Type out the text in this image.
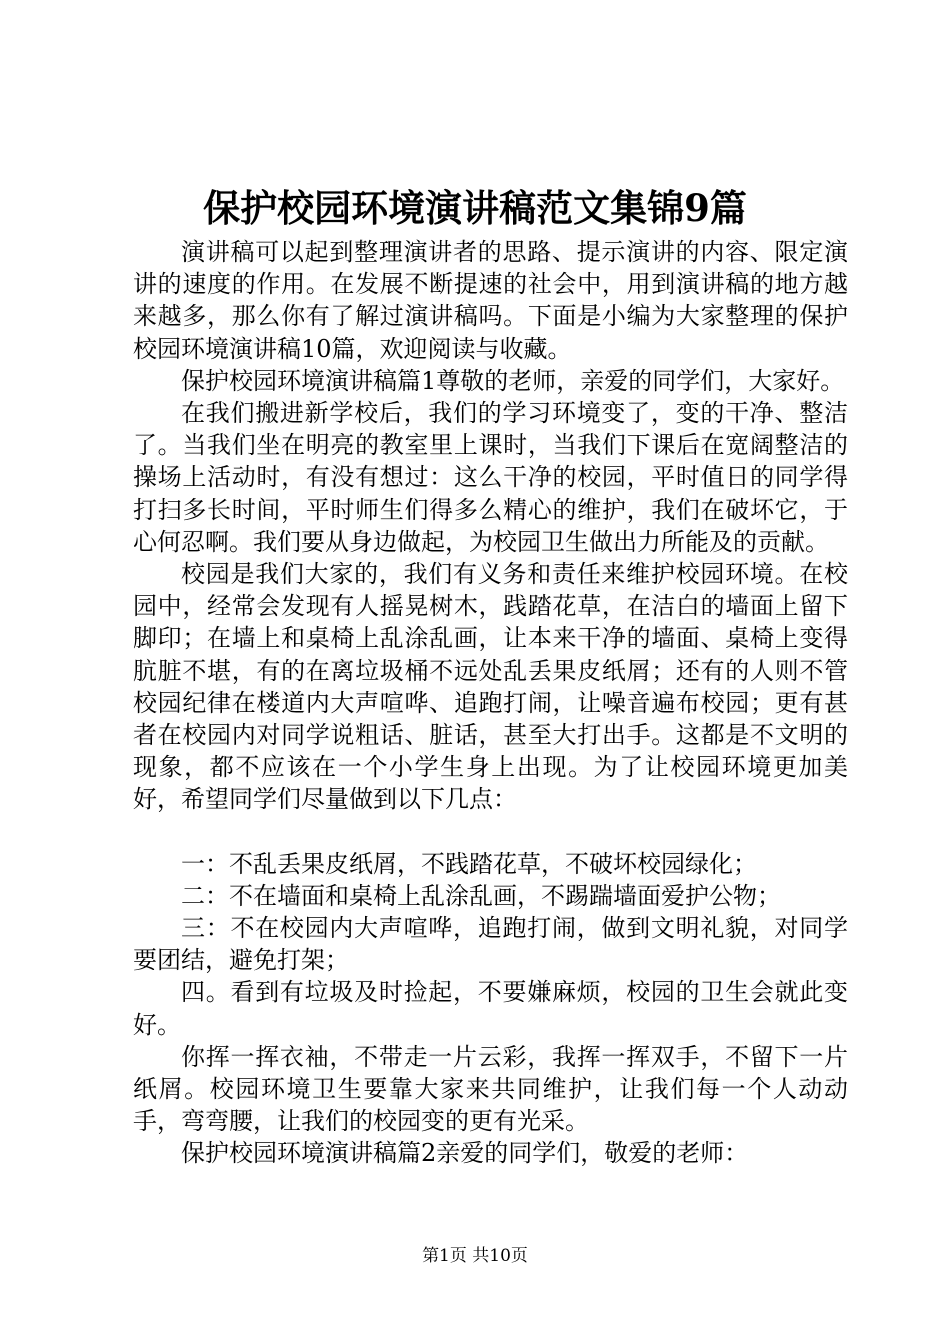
保护校园环境演讲稿范文集锦9篇

演讲稿可以起到整理演讲者的思路、提示演讲的内容、限定演讲的速度的作用。在发展不断提速的社会中，用到演讲稿的地方越来越多，那么你有了解过演讲稿吗。下面是小编为大家整理的保护校园环境演讲稿10篇，欢迎阅读与收藏。

保护校园环境演讲稿篇1尊敬的老师，亲爱的同学们，大家好。

在我们搬进新学校后，我们的学习环境变了，变的干净、整洁了。当我们坐在明亮的教室里上课时，当我们下课后在宽阔整洁的操场上活动时，有没有想过：这么干净的校园，平时值日的同学得打扫多长时间，平时师生们得多么精心的维护，我们在破坏它，于心何忍啊。我们要从身边做起，为校园卫生做出力所能及的贡献。

校园是我们大家的，我们有义务和责任来维护校园环境。在校园中，经常会发现有人摇晃树木，践踏花草，在洁白的墙面上留下脚印；在墙上和桌椅上乱涂乱画，让本来干净的墙面、桌椅上变得肮脏不堪，有的在离垃圾桶不远处乱丢果皮纸屑；还有的人则不管校园纪律在楼道内大声喧哗、追跑打闹，让噪音遍布校园；更有甚者在校园内对同学说粗话、脏话，甚至大打出手。这都是不文明的现象，都不应该在一个小学生身上出现。为了让校园环境更加美好，希望同学们尽量做到以下几点：

一：不乱丢果皮纸屑，不践踏花草，不破坏校园绿化；

二：不在墙面和桌椅上乱涂乱画，不踢踹墙面爱护公物；

三：不在校园内大声喧哗，追跑打闹，做到文明礼貌，对同学要团结，避免打架；

四。看到有垃圾及时捡起，不要嫌麻烦，校园的卫生会就此变好。

你挥一挥衣袖，不带走一片云彩，我挥一挥双手，不留下一片纸屑。校园环境卫生要靠大家来共同维护，让我们每一个人动动手，弯弯腰，让我们的校园变的更有光采。

保护校园环境演讲稿篇2亲爱的同学们，敬爱的老师：

第1页 共10页
